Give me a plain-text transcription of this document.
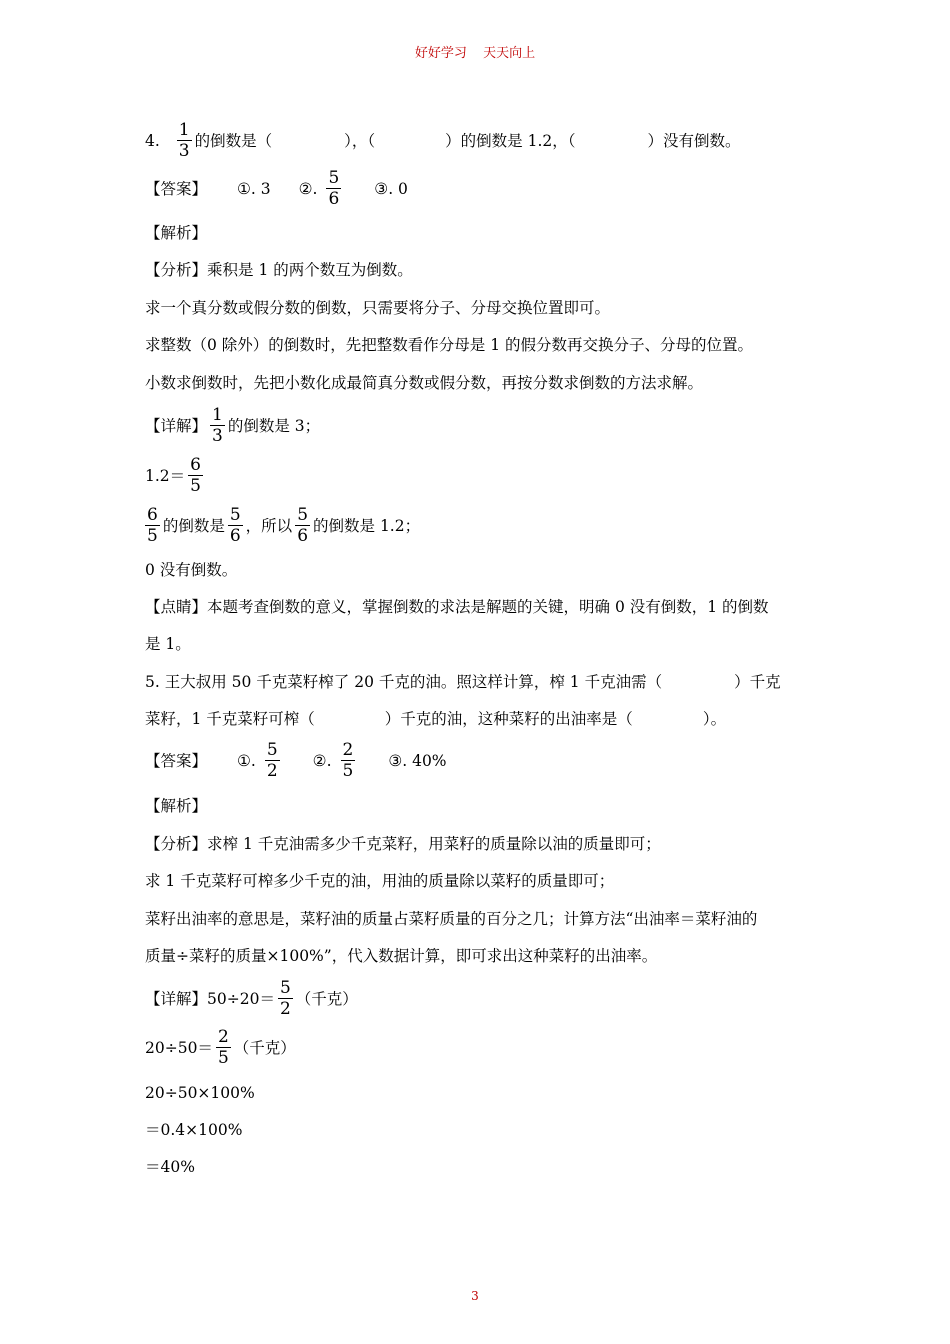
好好学习 天天向上
4. $\frac{1}{3}$ 的倒数是（	），（	）的倒数是 1.2，（	）没有倒数。
【答案】 ①. 3 ②. $\frac{5}{6}$ ③. 0
【解析】
【分析】 乘积是 1 的两个数互为倒数。
求一个真分数或假分数的倒数，只需要将分子、分母交换位置即可。
求整数（0 除外）的倒数时，先把整数看作分母是 1 的假分数再交换分子、分母的位置。
小数求倒数时，先把小数化成最简真分数或假分数，再按分数求倒数的方法求解。
【详解】 $\frac{1}{3}$ 的倒数是 3；
$1.2= \frac{6}{5}$
$\frac{6}{5}$ 的倒数是 $\frac{5}{6}$ ，所以 $\frac{5}{6}$ 的倒数是 1.2；
0 没有倒数。
【点睛】 本题考查倒数的意义，掌握倒数的求法是解题的关键，明确 0 没有倒数，1 的倒数
是 1。
5. 王大叔用 50 千克菜籽榨了 20 千克的油。照这样计算，榨 1 千克油需（	）千克
菜籽，1 千克菜籽可榨（	）千克的油，这种菜籽的出油率是（	）。
【答案】 ①. $\frac{5}{2}$ ②. $\frac{2}{5}$ ③. 40%
【解析】
【分析】 求榨 1 千克油需多少千克菜籽，用菜籽的质量除以油的质量即可；
求 1 千克菜籽可榨多少千克的油，用油的质量除以菜籽的质量即可；
菜籽出油率的意思是，菜籽油的质量占菜籽质量的百分之几；计算方法“出油率＝菜籽油的
质量÷菜籽的质量×100%”，代入数据计算，即可求出这种菜籽的出油率。
【详解】 $50\div 20= \frac{5}{2}$ （千克）
$20\div 50= \frac{2}{5}$ （千克）
20÷50×100%
＝0.4×100%
＝40%
3
